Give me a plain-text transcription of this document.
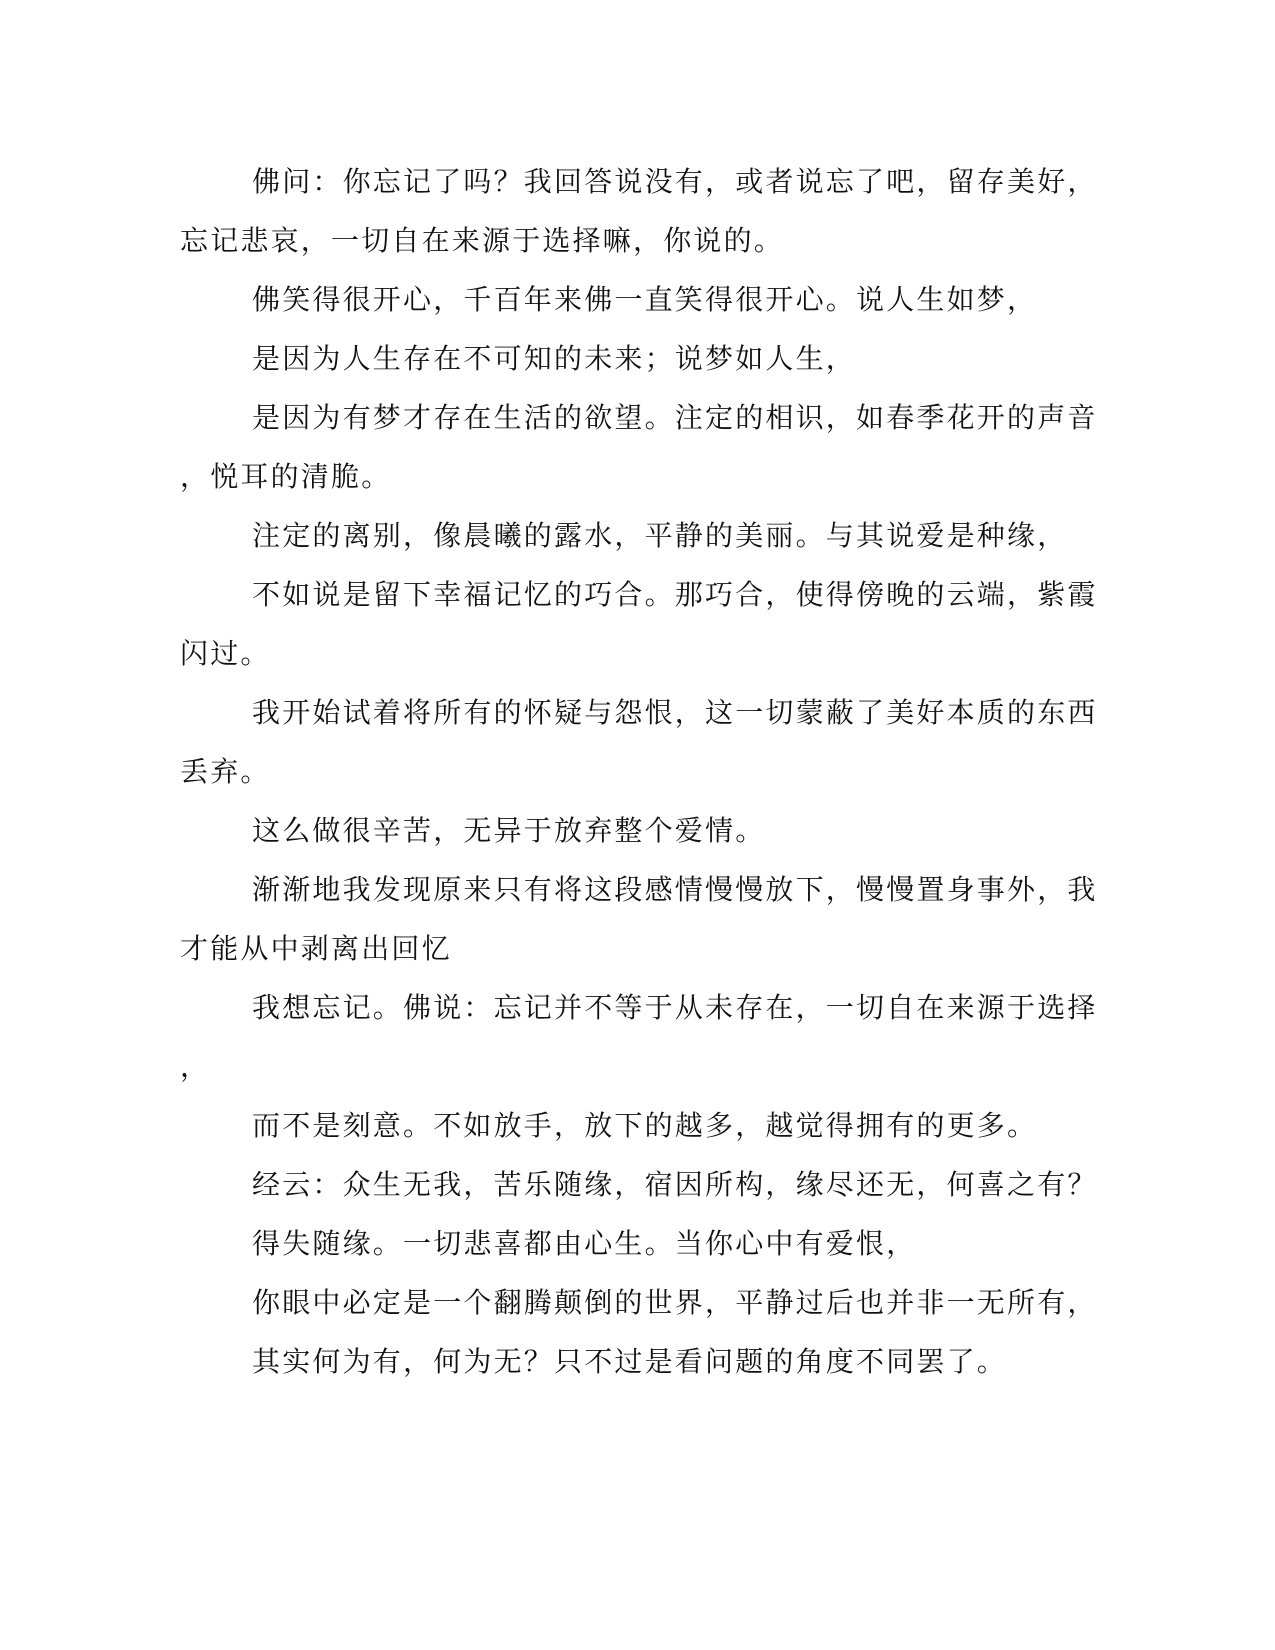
佛问：你忘记了吗？我回答说没有，或者说忘了吧，留存美好，
忘记悲哀，一切自在来源于选择嘛，你说的。
佛笑得很开心，千百年来佛一直笑得很开心。说人生如梦，
是因为人生存在不可知的未来；说梦如人生，
是因为有梦才存在生活的欲望。注定的相识，如春季花开的声音
，悦耳的清脆。
注定的离别，像晨曦的露水，平静的美丽。与其说爱是种缘，
不如说是留下幸福记忆的巧合。那巧合，使得傍晚的云端，紫霞
闪过。
我开始试着将所有的怀疑与怨恨，这一切蒙蔽了美好本质的东西
丢弃。
这么做很辛苦，无异于放弃整个爱情。
渐渐地我发现原来只有将这段感情慢慢放下，慢慢置身事外，我
才能从中剥离出回忆
我想忘记。佛说：忘记并不等于从未存在，一切自在来源于选择
，
而不是刻意。不如放手，放下的越多，越觉得拥有的更多。
经云：众生无我，苦乐随缘，宿因所构，缘尽还无，何喜之有？
得失随缘。一切悲喜都由心生。当你心中有爱恨，
你眼中必定是一个翻腾颠倒的世界，平静过后也并非一无所有，
其实何为有，何为无？只不过是看问题的角度不同罢了。
